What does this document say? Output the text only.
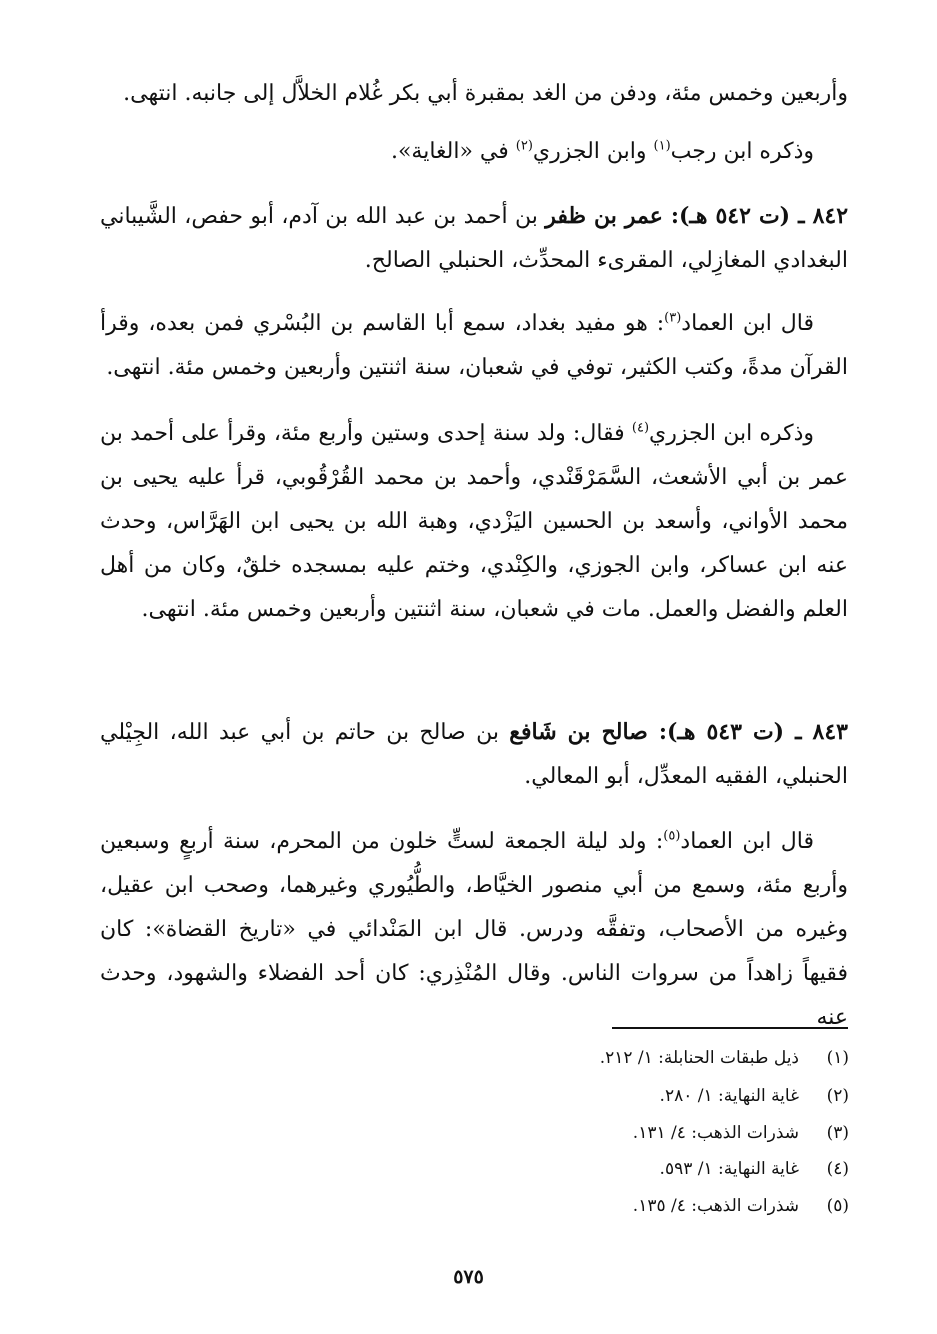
وأربعين وخمس مئة، ودفن من الغد بمقبرة أبي بكر غُلام الخلاَّل إلى جانبه. انتهى.
وذكره ابن رجب$^{(١)}$ وابن الجزري$^{(٢)}$ في «الغاية».
٨٤٢ ـ (ت ٥٤٢ هـ): عمر بن ظفر بن أحمد بن عبد الله بن آدم، أبو حفص، الشَّيباني البغدادي المغازِلي، المقرىء المحدِّث، الحنبلي الصالح.
قال ابن العماد$^{(٣)}$: هو مفيد بغداد، سمع أبا القاسم بن البُسْري فمن بعده، وقرأ القرآن مدةً، وكتب الكثير، توفي في شعبان، سنة اثنتين وأربعين وخمس مئة. انتهى.
وذكره ابن الجزري$^{(٤)}$ فقال: ولد سنة إحدى وستين وأربع مئة، وقرأ على أحمد بن عمر بن أبي الأشعث، السَّمَرْقَنْدي، وأحمد بن محمد القُرْقُوبي، قرأ عليه يحيى بن محمد الأواني، وأسعد بن الحسين اليَزْدي، وهبة الله بن يحيى ابن الهَرَّاس، وحدث عنه ابن عساكر، وابن الجوزي، والكِنْدي، وختم عليه بمسجده خلقٌ، وكان من أهل العلم والفضل والعمل. مات في شعبان، سنة اثنتين وأربعين وخمس مئة. انتهى.
٨٤٣ ـ (ت ٥٤٣ هـ): صالح بن شَافع بن صالح بن حاتم بن أبي عبد الله، الجِيْلي الحنبلي، الفقيه المعدِّل، أبو المعالي.
قال ابن العماد$^{(٥)}$: ولد ليلة الجمعة لستٍّ خلون من المحرم، سنة أربعٍ وسبعين وأربع مئة، وسمع من أبي منصور الخيَّاط، والطُّيُوري وغيرهما، وصحب ابن عقيل، وغيره من الأصحاب، وتفقَّه ودرس. قال ابن المَنْدائي في «تاريخ القضاة»: كان فقيهاً زاهداً من سروات الناس. وقال المُنْذِري: كان أحد الفضلاء والشهود، وحدث عنه
(١)ذيل طبقات الحنابلة: ١/ ٢١٢.
(٢)غاية النهاية: ١/ ٢٨٠.
(٣)شذرات الذهب: ٤/ ١٣١.
(٤)غاية النهاية: ١/ ٥٩٣.
(٥)شذرات الذهب: ٤/ ١٣٥.
٥٧٥
